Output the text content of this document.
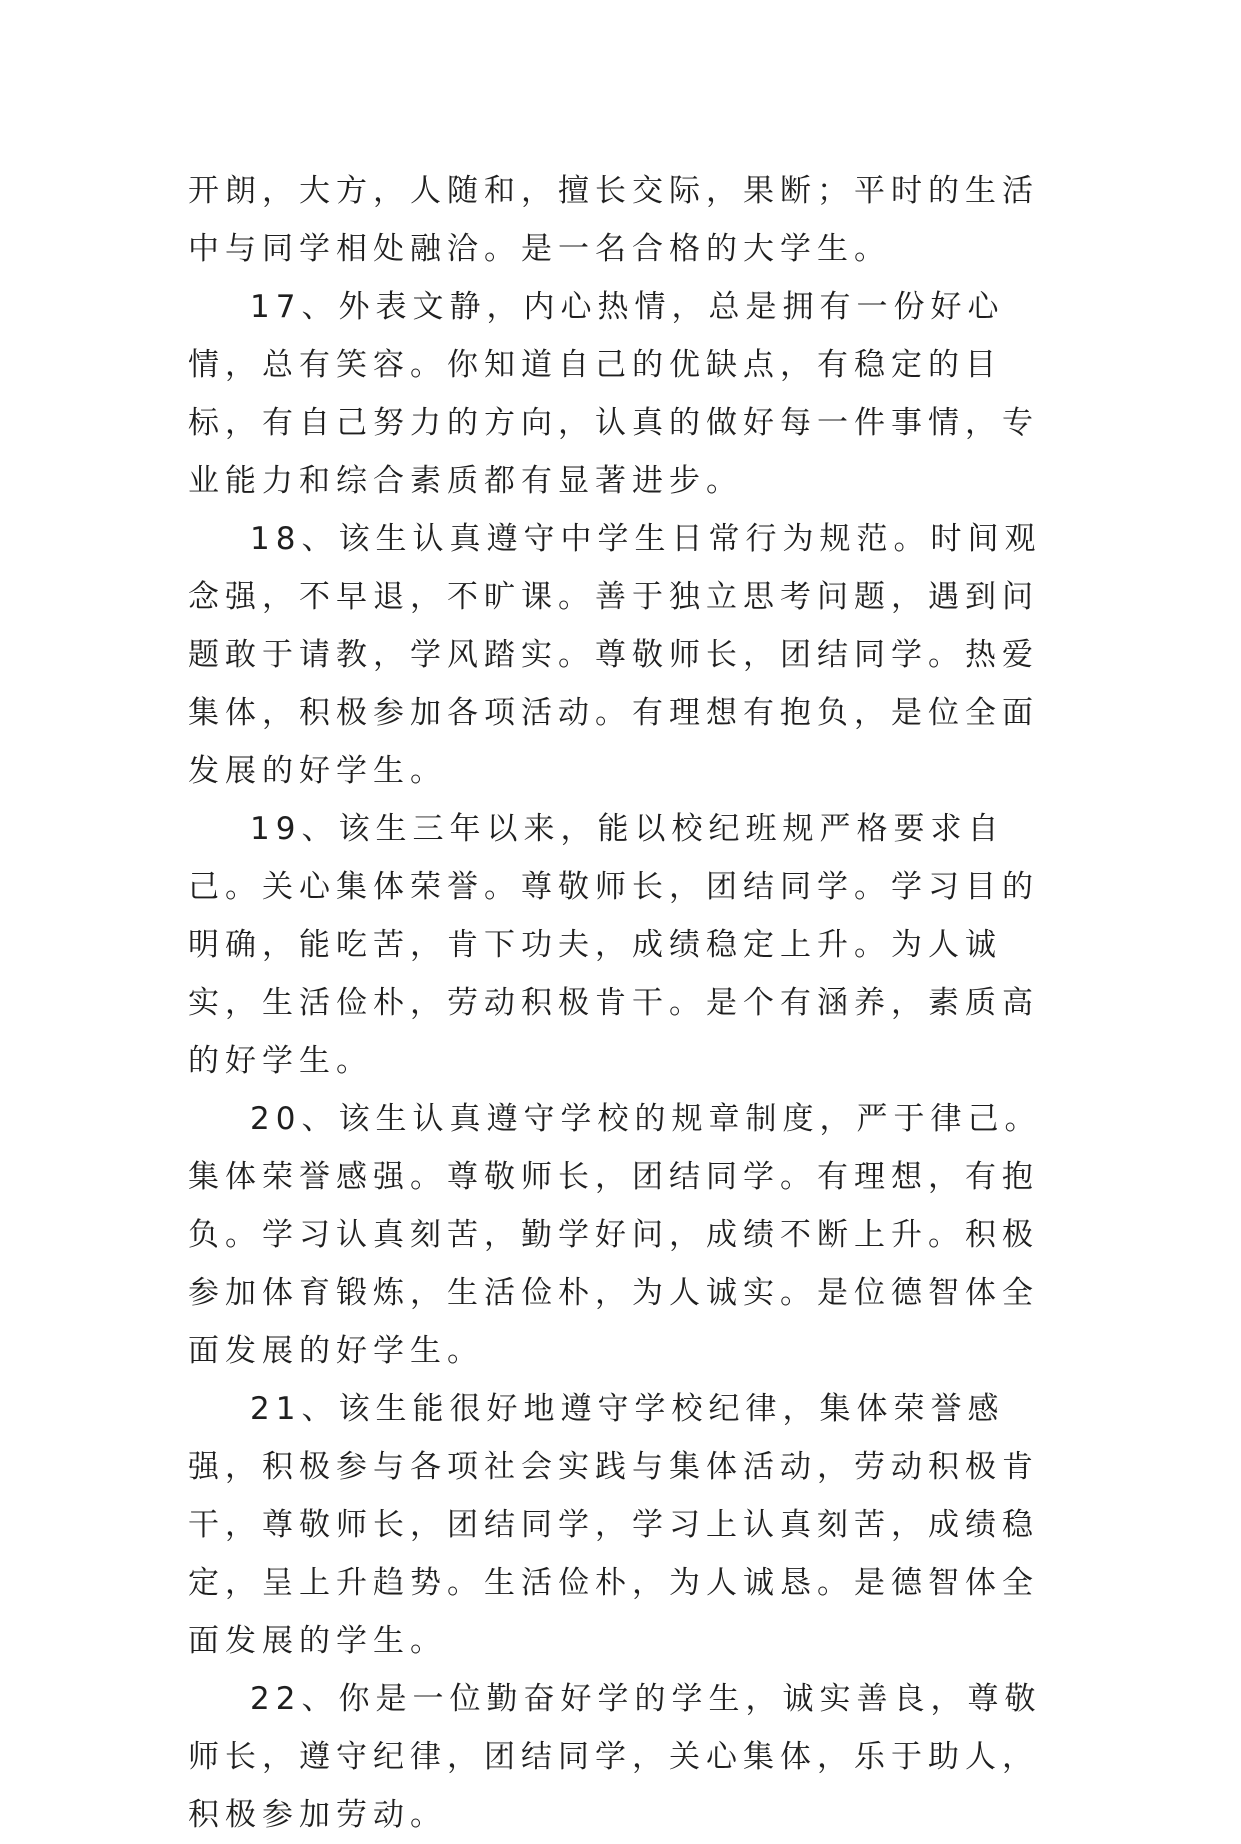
开朗，大方，人随和，擅长交际，果断；平时的生活中与同学相处融洽。是一名合格的大学生。

17、外表文静，内心热情，总是拥有一份好心情，总有笑容。你知道自己的优缺点，有稳定的目标，有自己努力的方向，认真的做好每一件事情，专业能力和综合素质都有显著进步。

18、该生认真遵守中学生日常行为规范。时间观念强，不早退，不旷课。善于独立思考问题，遇到问题敢于请教，学风踏实。尊敬师长，团结同学。热爱集体，积极参加各项活动。有理想有抱负，是位全面发展的好学生。

19、该生三年以来，能以校纪班规严格要求自己。关心集体荣誉。尊敬师长，团结同学。学习目的明确，能吃苦，肯下功夫，成绩稳定上升。为人诚实，生活俭朴，劳动积极肯干。是个有涵养，素质高的好学生。

20、该生认真遵守学校的规章制度，严于律己。集体荣誉感强。尊敬师长，团结同学。有理想，有抱负。学习认真刻苦，勤学好问，成绩不断上升。积极参加体育锻炼，生活俭朴，为人诚实。是位德智体全面发展的好学生。

21、该生能很好地遵守学校纪律，集体荣誉感强，积极参与各项社会实践与集体活动，劳动积极肯干，尊敬师长，团结同学，学习上认真刻苦，成绩稳定，呈上升趋势。生活俭朴，为人诚恳。是德智体全面发展的学生。

22、你是一位勤奋好学的学生，诚实善良，尊敬师长，遵守纪律，团结同学，关心集体，乐于助人，积极参加劳动。
